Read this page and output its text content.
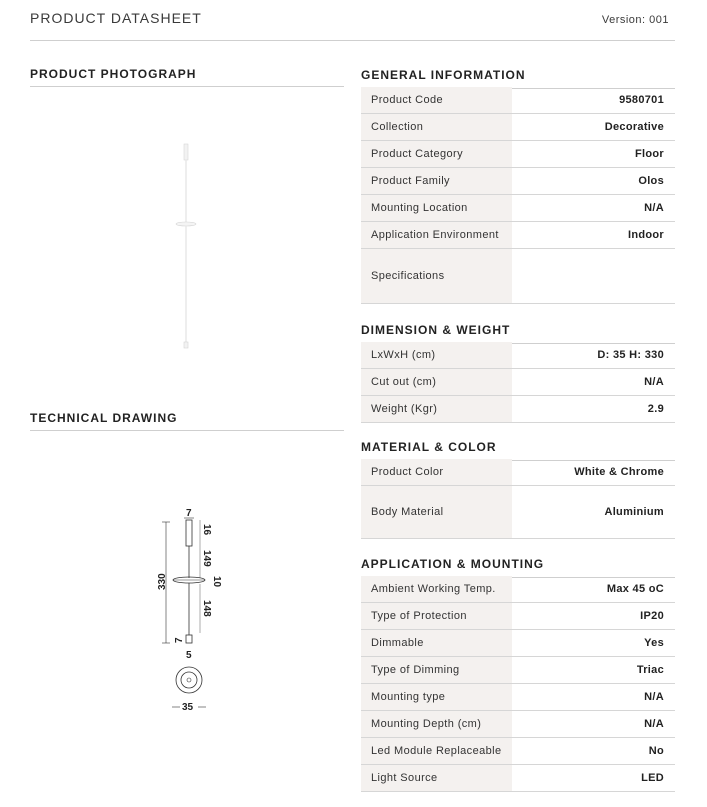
PRODUCT DATASHEET	Version: 001
PRODUCT PHOTOGRAPH
TECHNICAL DRAWING
7
16
149
330	10
148
7
5
35
GENERAL INFORMATION
Product Code	9580701
Collection	Decorative
Product Category	Floor
Product Family	Olos
Mounting Location	N/A
Application Environment	Indoor
Specifications
DIMENSION & WEIGHT
LxWxH (cm)	D: 35 H: 330
Cut out (cm)	N/A
Weight (Kgr)	2.9
MATERIAL & COLOR
Product Color	White & Chrome
Body Material	Aluminium
APPLICATION & MOUNTING
Ambient Working Temp.	Max 45 oC
Type of Protection	IP20
Dimmable	Yes
Type of Dimming	Triac
Mounting type	N/A
Mounting Depth (cm)	N/A
Led Module Replaceable	No
Light Source	LED
